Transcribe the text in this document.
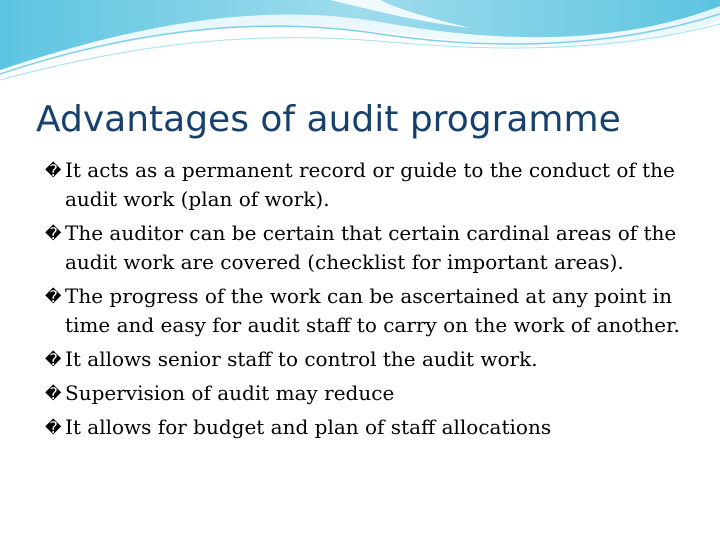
Advantages of audit programme
� It acts as a permanent record or guide to the conduct of the audit work (plan of work).
� The auditor can be certain that certain cardinal areas of the audit work are covered (checklist for important areas).
� The progress of the work can be ascertained at any point in time and easy for audit staff to carry on the work of another.
� It allows senior staff to control the audit work.
� Supervision of audit may reduce
� It allows for budget and plan of staff allocations
